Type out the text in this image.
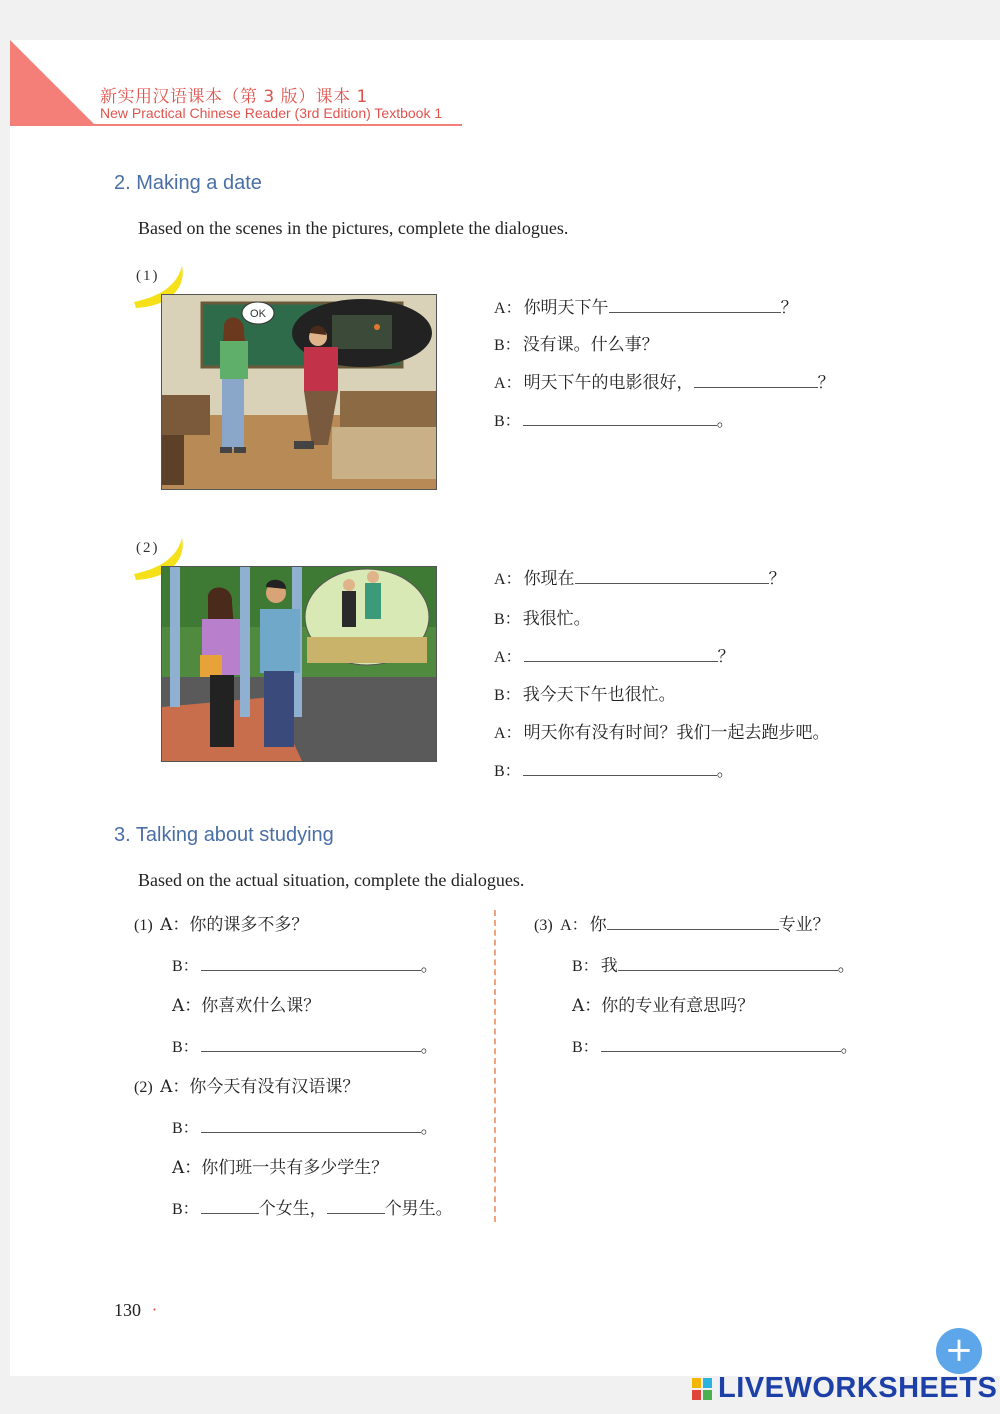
新实用汉语课本（第 3 版）课本 1
New Practical Chinese Reader (3rd Edition) Textbook 1
2. Making a date
Based on the scenes in the pictures, complete the dialogues.
(1)
OK	A： 你明天下午	？
B： 没有课。什么事？
A： 明天下午的电影很好，	？
B：	。
(2)
A： 你现在	？
B： 我很忙。
A：	？
B： 我今天下午也很忙。
A： 明天你有没有时间？我们一起去跑步吧。
B：	。
3. Talking about studying
Based on the actual situation, complete the dialogues.
(1) A：你的课多不多？
B：	。
A：你喜欢什么课？
B：	。
(2) A：你今天有没有汉语课？
B：	。
A：你们班一共有多少学生？
B：	个女生，	个男生。
(3) A： 你	专业？
B： 我	。
A：你的专业有意思吗？
B：	。
130 ·
+
LIVEWORKSHEETS
